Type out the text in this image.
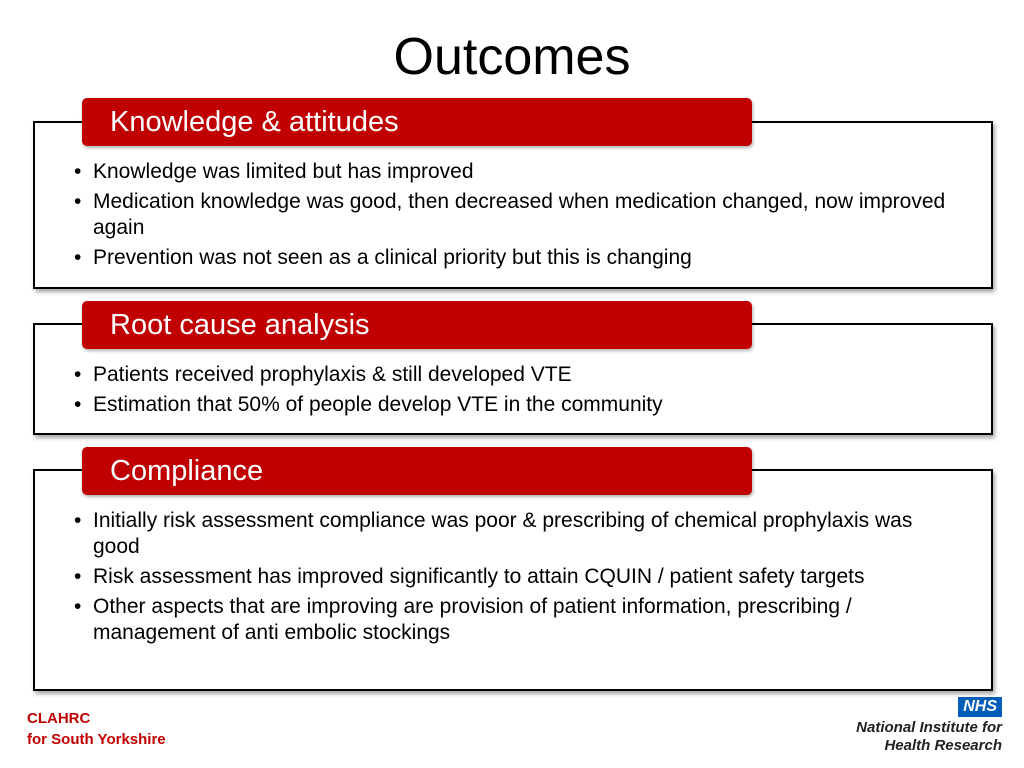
Outcomes
Knowledge & attitudes
• Knowledge was limited but has improved
• Medication knowledge was good, then decreased when medication changed, now improved again
• Prevention was not seen as a clinical priority but this is changing
Root cause analysis
• Patients received prophylaxis & still developed VTE
• Estimation that 50% of people develop VTE in the community
Compliance
• Initially risk assessment compliance was poor & prescribing of chemical prophylaxis was good
• Risk assessment has improved significantly to attain CQUIN / patient safety targets
• Other aspects that are improving are provision of patient information, prescribing / management of anti embolic stockings
CLAHRC
for South Yorkshire
NHS
National Institute for
Health Research
